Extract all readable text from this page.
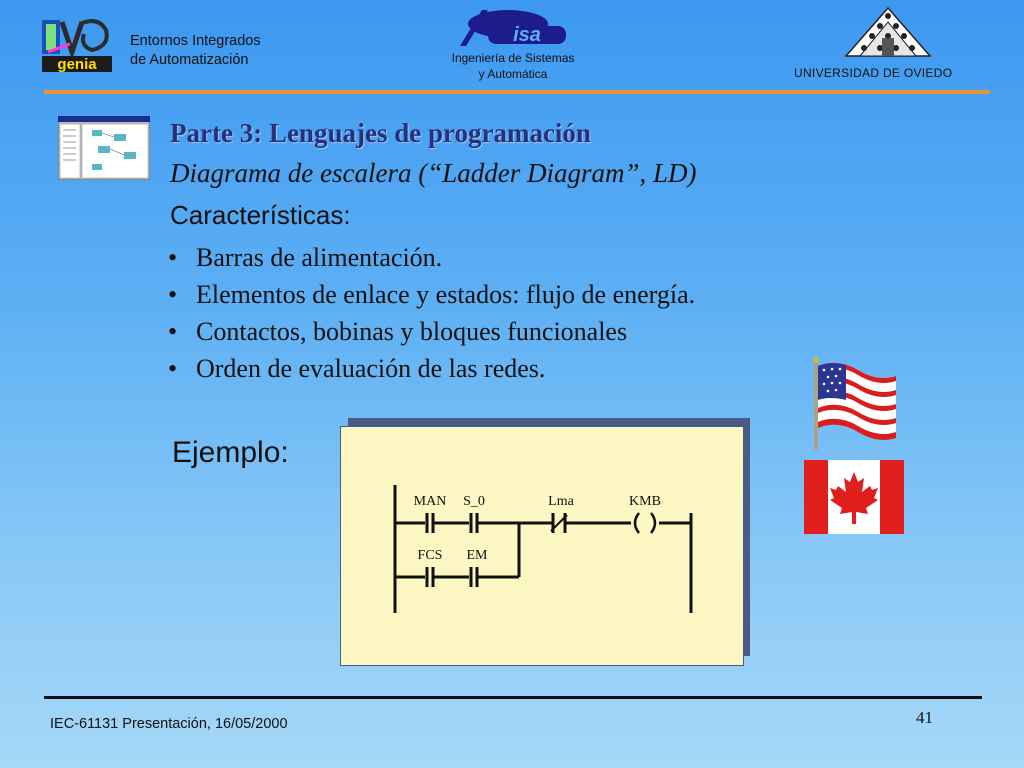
genia
Entornos Integrados
de Automatización
isa
Ingeniería de Sistemas
y Automática	UNIVERSIDAD DE OVIEDO
Parte 3: Lenguajes de programación
Diagrama de escalera (“Ladder Diagram”, LD)
Características:
• Barras de alimentación.
• Elementos de enlace y estados: flujo de energía.
• Contactos, bobinas y bloques funcionales
• Orden de evaluación de las redes.
Ejemplo:
MAN S_0	Lma	KMB
FCS EM
IEC-61131 Presentación, 16/05/2000	41
